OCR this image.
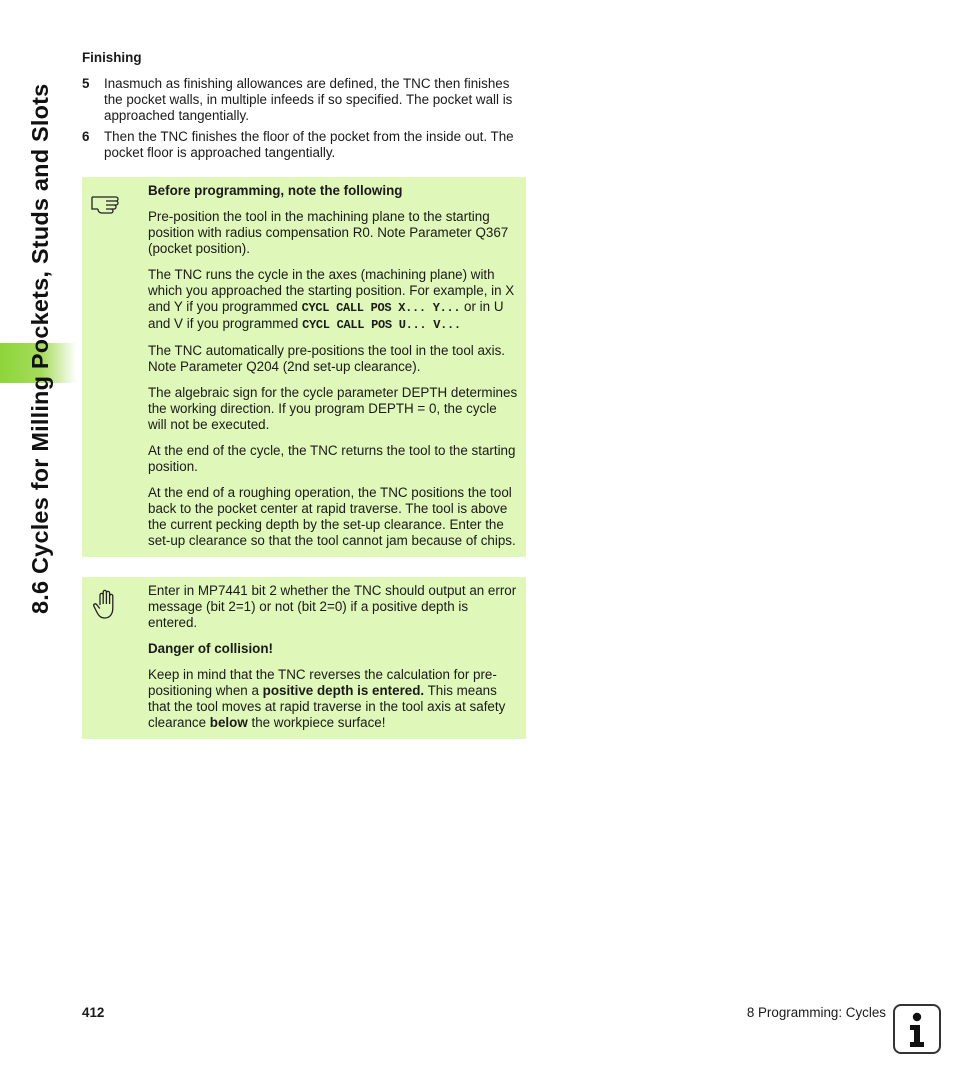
8.6 Cycles for Milling Pockets, Studs and Slots
Finishing
5	Inasmuch as finishing allowances are defined, the TNC then finishes the pocket walls, in multiple infeeds if so specified. The pocket wall is approached tangentially.
6	Then the TNC finishes the floor of the pocket from the inside out. The pocket floor is approached tangentially.

Before programming, note the following

Pre-position the tool in the machining plane to the starting position with radius compensation R0. Note Parameter Q367 (pocket position).

The TNC runs the cycle in the axes (machining plane) with which you approached the starting position. For example, in X and Y if you programmed CYCL CALL POS X... Y... or in U and V if you programmed CYCL CALL POS U... V...

The TNC automatically pre-positions the tool in the tool axis. Note Parameter Q204 (2nd set-up clearance).

The algebraic sign for the cycle parameter DEPTH determines the working direction. If you program DEPTH = 0, the cycle will not be executed.

At the end of the cycle, the TNC returns the tool to the starting position.

At the end of a roughing operation, the TNC positions the tool back to the pocket center at rapid traverse. The tool is above the current pecking depth by the set-up clearance. Enter the set-up clearance so that the tool cannot jam because of chips.

Enter in MP7441 bit 2 whether the TNC should output an error message (bit 2=1) or not (bit 2=0) if a positive depth is entered.

Danger of collision!

Keep in mind that the TNC reverses the calculation for pre-positioning when a positive depth is entered. This means that the tool moves at rapid traverse in the tool axis at safety clearance below the workpiece surface!

412	8 Programming: Cycles
